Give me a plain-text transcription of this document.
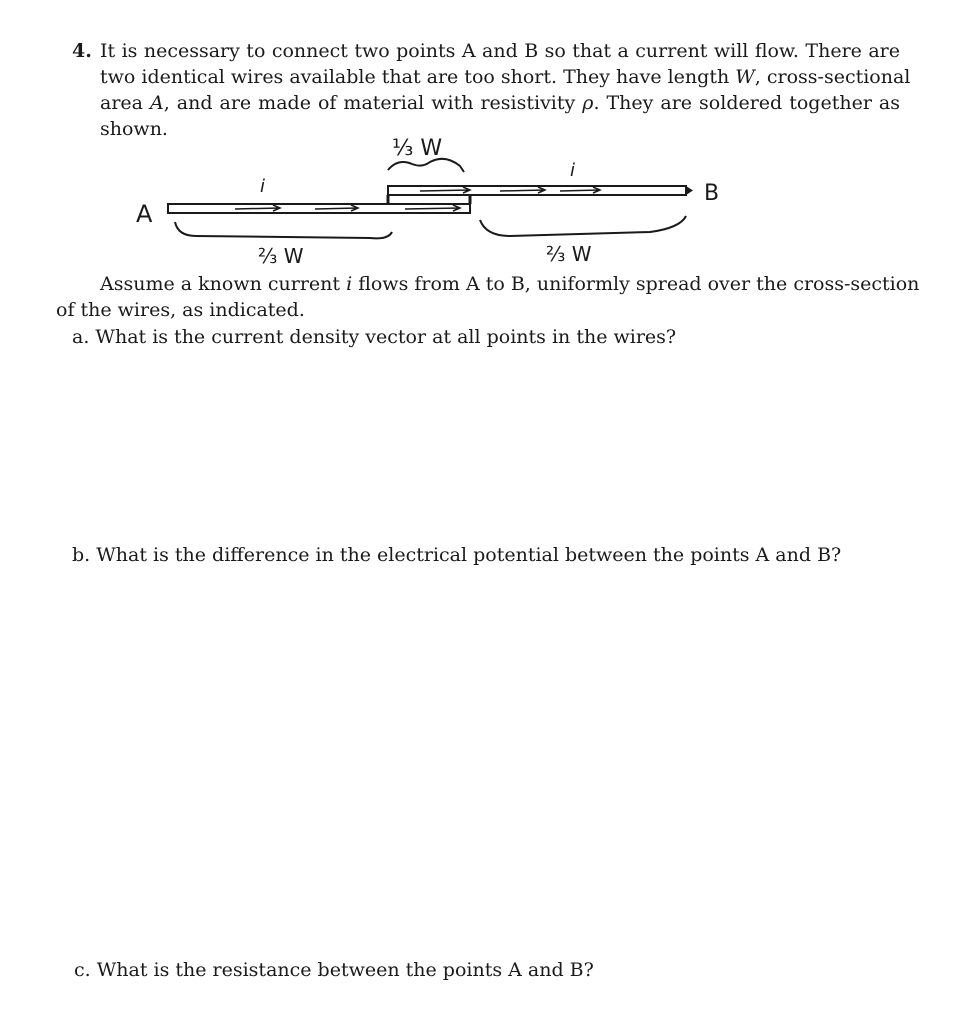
4. It is necessary to connect two points A and B so that a current will flow. There are
two identical wires available that are too short. They have length W, cross-sectional
area A, and are made of material with resistivity ρ. They are soldered together as
shown.
⅓ W
i
i
A
B
⅔ W	⅔ W
Assume a known current i flows from A to B, uniformly spread over the cross-section
of the wires, as indicated.
a. What is the current density vector at all points in the wires?
b. What is the difference in the electrical potential between the points A and B?
c. What is the resistance between the points A and B?
